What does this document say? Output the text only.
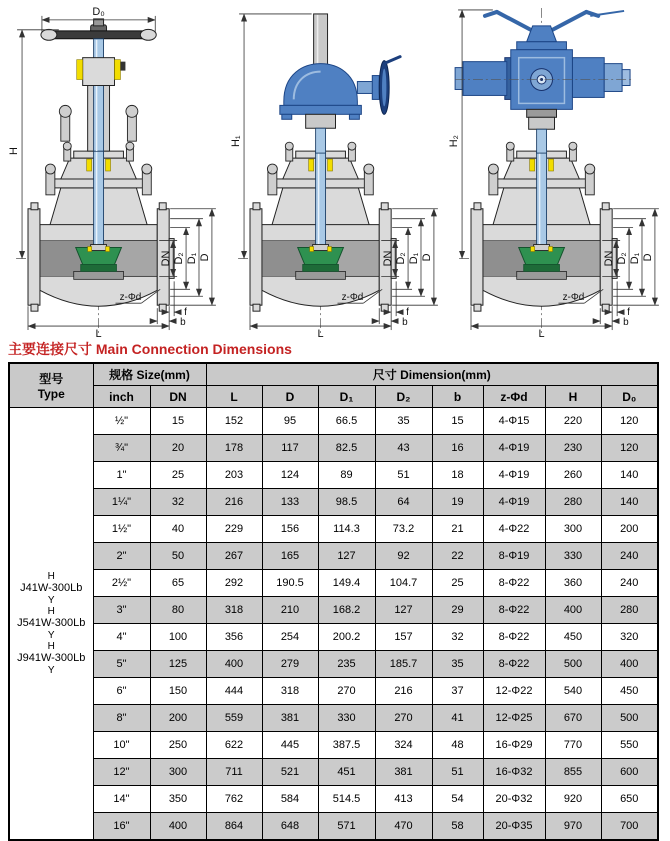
D₀
H
DN D₂ D₁ D
z-Φd
L
f
b
H₁
DN D₂ D₁ D
z-Φd
L
f
b
H₂
DN D₂ D₁ D
z-Φd
L
f
b
主要连接尺寸 Main Connection Dimensions
型号
Type	规格 Size(mm)		尺寸 Dimension(mm)							
	inch	DN	L	D	D₁	D₂	b	z-Φd	H	D₀

H
J41W-300Lb
Y
H
J541W-300Lb
Y
H
J941W-300Lb
Y
	½"	15	152	95	66.5	35	15	4-Φ15	220	120
	¾"	20	178	117	82.5	43	16	4-Φ19	230	120
	1"	25	203	124	89	51	18	4-Φ19	260	140
	1¼"	32	216	133	98.5	64	19	4-Φ19	280	140
	1½"	40	229	156	114.3	73.2	21	4-Φ22	300	200
	2"	50	267	165	127	92	22	8-Φ19	330	240
	2½"	65	292	190.5	149.4	104.7	25	8-Φ22	360	240
	3"	80	318	210	168.2	127	29	8-Φ22	400	280
	4"	100	356	254	200.2	157	32	8-Φ22	450	320
	5"	125	400	279	235	185.7	35	8-Φ22	500	400
	6"	150	444	318	270	216	37	12-Φ22	540	450
	8"	200	559	381	330	270	41	12-Φ25	670	500
	10"	250	622	445	387.5	324	48	16-Φ29	770	550
	12"	300	711	521	451	381	51	16-Φ32	855	600
	14"	350	762	584	514.5	413	54	20-Φ32	920	650
	16"	400	864	648	571	470	58	20-Φ35	970	700
